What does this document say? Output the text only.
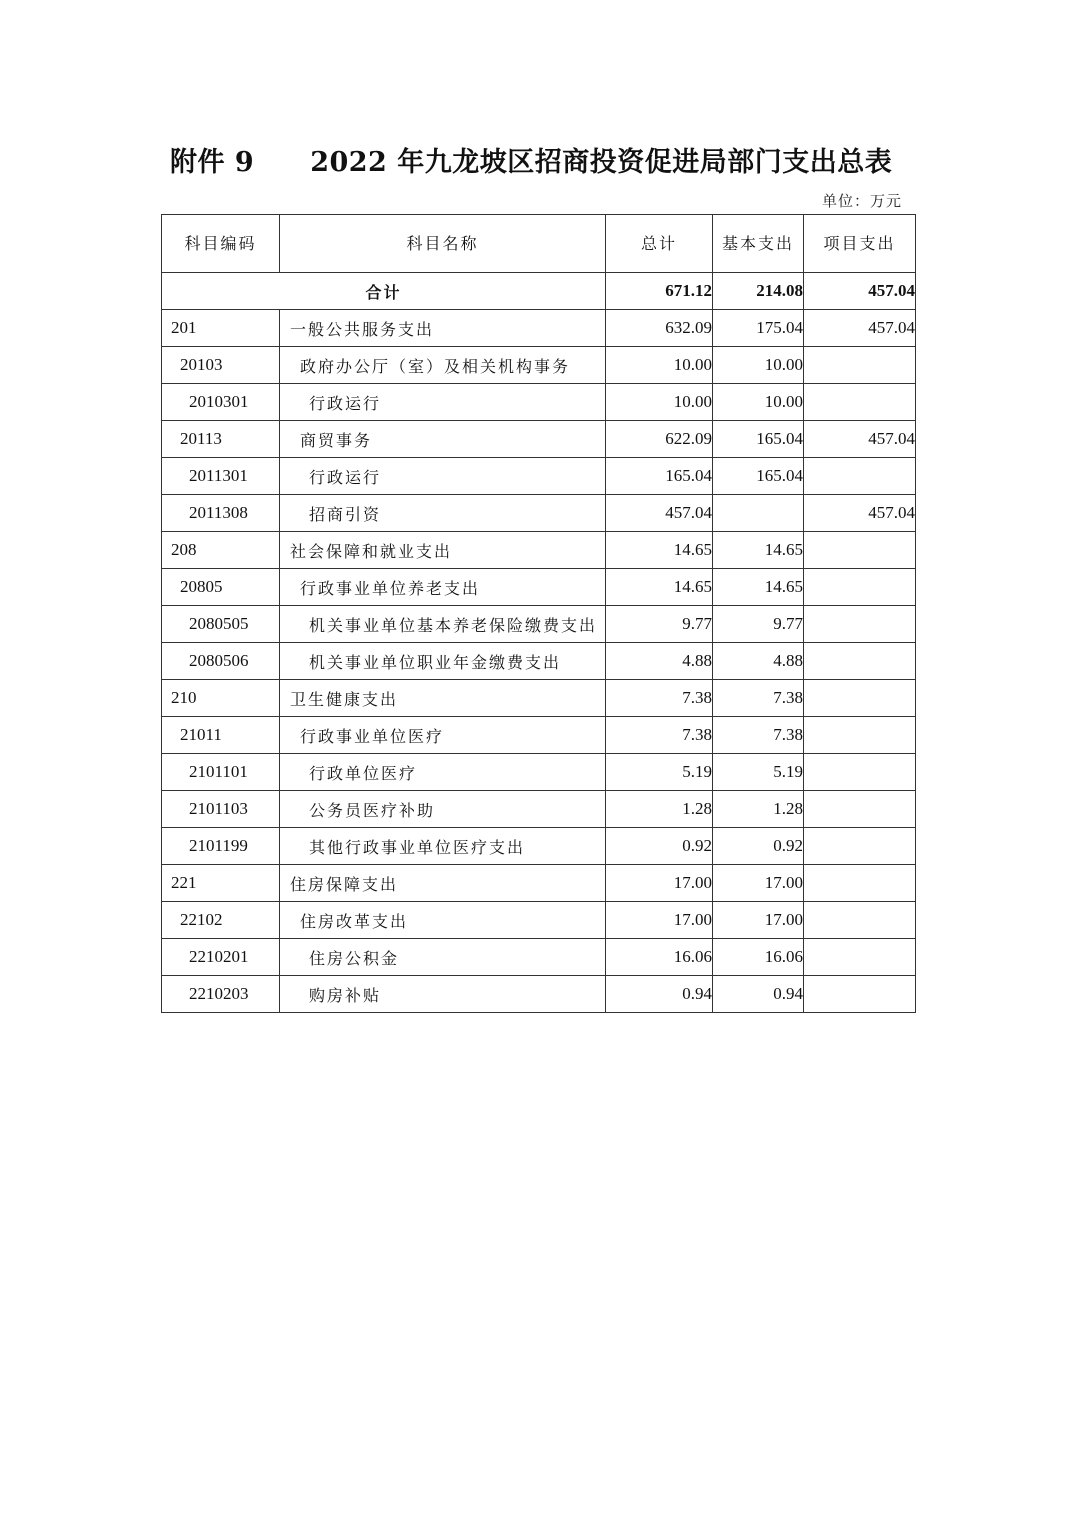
附件 9 2022 年九龙坡区招商投资促进局部门支出总表
单位：万元
科目编码	科目名称	总计	基本支出	项目支出
合计		671.12	214.08	457.04
201	一般公共服务支出	632.09	175.04	457.04
20103	政府办公厅（室）及相关机构事务	10.00	10.00	
2010301	行政运行	10.00	10.00	
20113	商贸事务	622.09	165.04	457.04
2011301	行政运行	165.04	165.04	
2011308	招商引资	457.04		457.04
208	社会保障和就业支出	14.65	14.65	
20805	行政事业单位养老支出	14.65	14.65	
2080505	机关事业单位基本养老保险缴费支出	9.77	9.77	
2080506	机关事业单位职业年金缴费支出	4.88	4.88	
210	卫生健康支出	7.38	7.38	
21011	行政事业单位医疗	7.38	7.38	
2101101	行政单位医疗	5.19	5.19	
2101103	公务员医疗补助	1.28	1.28	
2101199	其他行政事业单位医疗支出	0.92	0.92	
221	住房保障支出	17.00	17.00	
22102	住房改革支出	17.00	17.00	
2210201	住房公积金	16.06	16.06	
2210203	购房补贴	0.94	0.94	
